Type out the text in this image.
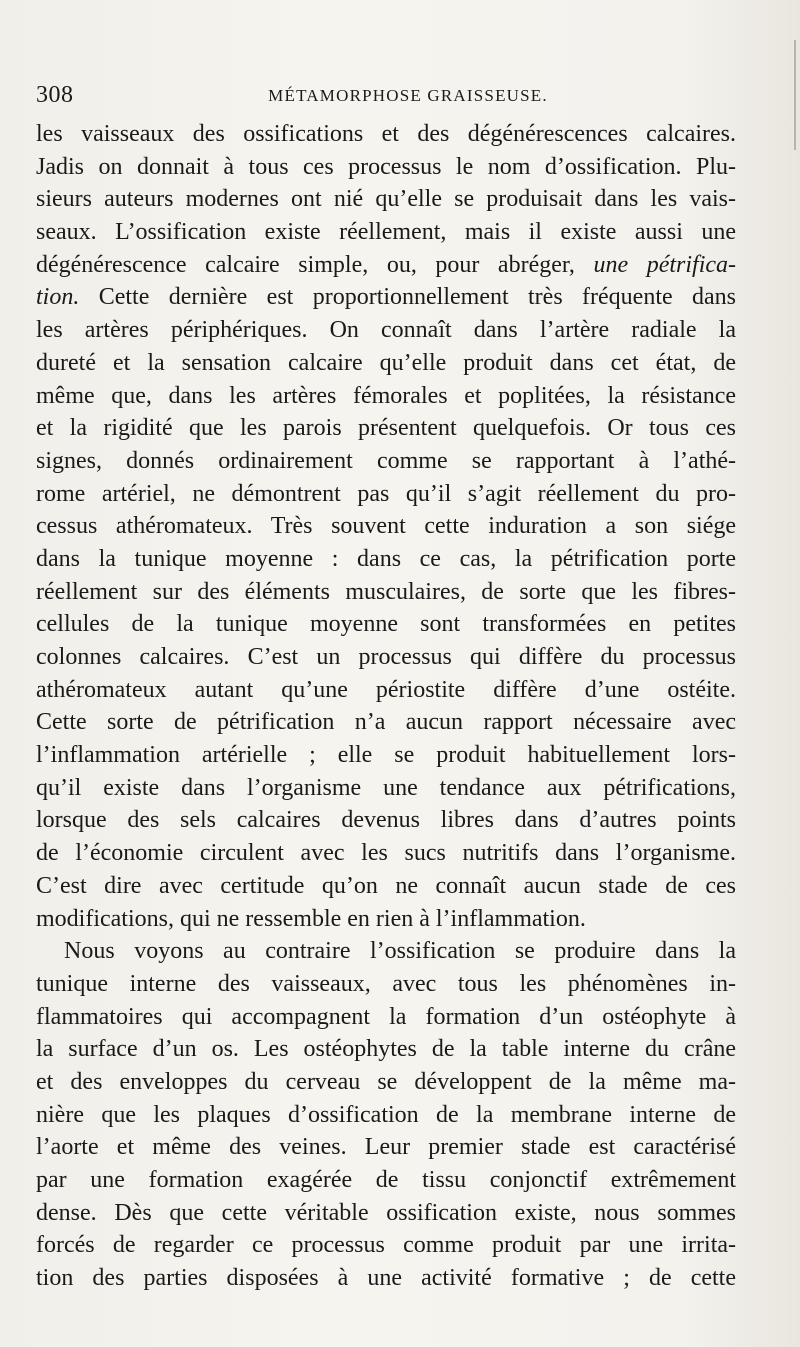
308	MÉTAMORPHOSE GRAISSEUSE.
les vaisseaux des ossifications et des dégénérescences calcaires.
Jadis on donnait à tous ces processus le nom d’ossification. Plu-
sieurs auteurs modernes ont nié qu’elle se produisait dans les vais-
seaux. L’ossification existe réellement, mais il existe aussi une
dégénérescence calcaire simple, ou, pour abréger, une pétrifica-
tion. Cette dernière est proportionnellement très fréquente dans
les artères périphériques. On connaît dans l’artère radiale la
dureté et la sensation calcaire qu’elle produit dans cet état, de
même que, dans les artères fémorales et poplitées, la résistance
et la rigidité que les parois présentent quelquefois. Or tous ces
signes, donnés ordinairement comme se rapportant à l’athé-
rome artériel, ne démontrent pas qu’il s’agit réellement du pro-
cessus athéromateux. Très souvent cette induration a son siége
dans la tunique moyenne : dans ce cas, la pétrification porte
réellement sur des éléments musculaires, de sorte que les fibres-
cellules de la tunique moyenne sont transformées en petites
colonnes calcaires. C’est un processus qui diffère du processus
athéromateux autant qu’une périostite diffère d’une ostéite.
Cette sorte de pétrification n’a aucun rapport nécessaire avec
l’inflammation artérielle ; elle se produit habituellement lors-
qu’il existe dans l’organisme une tendance aux pétrifications,
lorsque des sels calcaires devenus libres dans d’autres points
de l’économie circulent avec les sucs nutritifs dans l’organisme.
C’est dire avec certitude qu’on ne connaît aucun stade de ces
modifications, qui ne ressemble en rien à l’inflammation.
Nous voyons au contraire l’ossification se produire dans la
tunique interne des vaisseaux, avec tous les phénomènes in-
flammatoires qui accompagnent la formation d’un ostéophyte à
la surface d’un os. Les ostéophytes de la table interne du crâne
et des enveloppes du cerveau se développent de la même ma-
nière que les plaques d’ossification de la membrane interne de
l’aorte et même des veines. Leur premier stade est caractérisé
par une formation exagérée de tissu conjonctif extrêmement
dense. Dès que cette véritable ossification existe, nous sommes
forcés de regarder ce processus comme produit par une irrita-
tion des parties disposées à une activité formative ; de cette
